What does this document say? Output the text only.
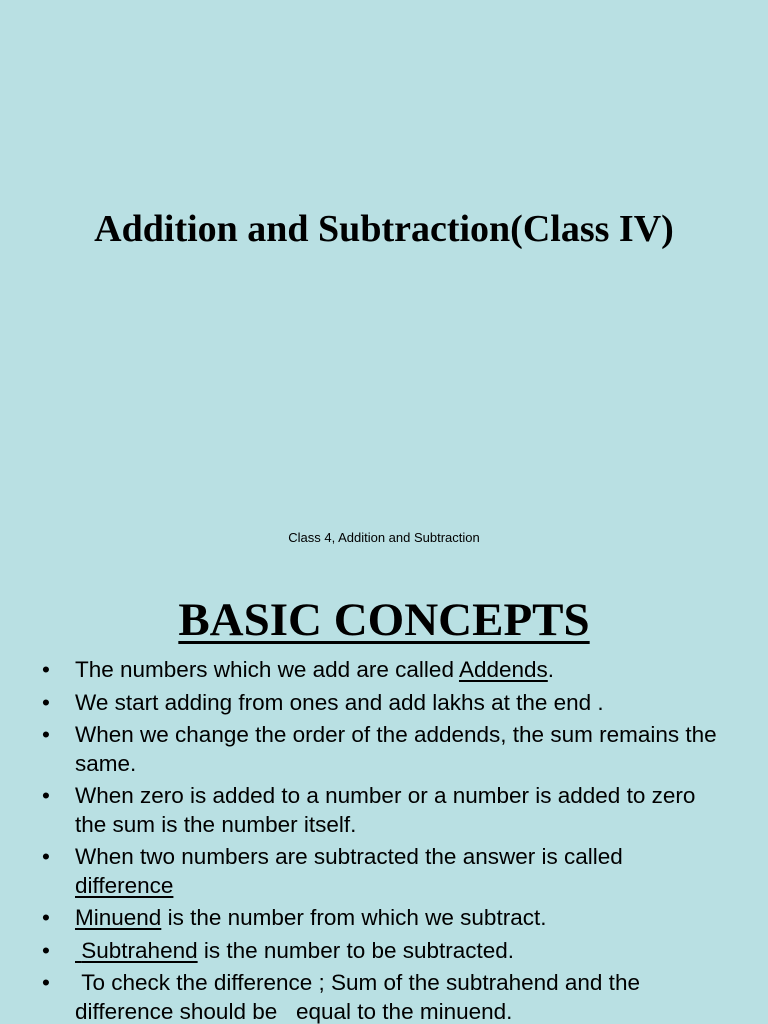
Addition and Subtraction(Class IV)
Class 4, Addition and Subtraction
BASIC CONCEPTS
• The numbers which we add are called Addends.
• We start adding from ones and add lakhs at the end .
• When we change the order of the addends, the sum remains the same.
• When zero is added to a number or a number is added to zero the sum is the number itself.
• When two numbers are subtracted the answer is called difference
• Minuend is the number from which we subtract.
• Subtrahend is the number to be subtracted.
• To check the difference ; Sum of the subtrahend and the difference should be   equal to the minuend.
